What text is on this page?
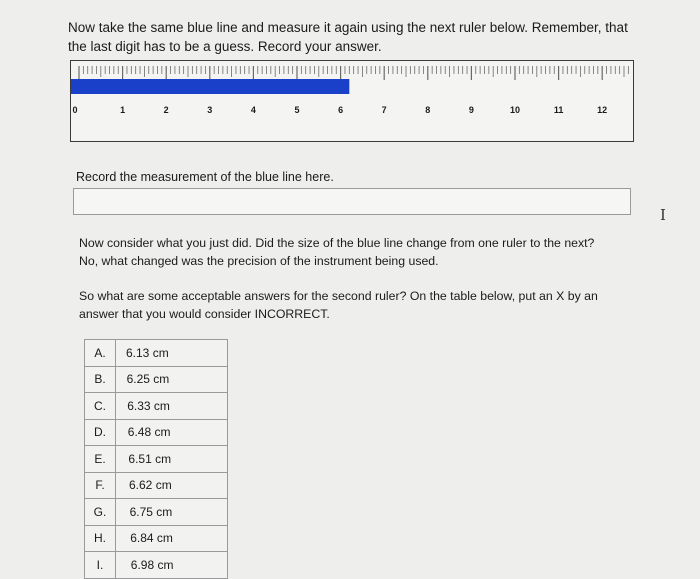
Now take the same blue line and measure it again using the next ruler below. Remember, that
the last digit has to be a guess. Record your answer.
0	1	2	3	4	5	6	7	8	9	10	11	12
Record the measurement of the blue line here.
I
Now consider what you just did. Did the size of the blue line change from one ruler to the next?
No, what changed was the precision of the instrument being used.
So what are some acceptable answers for the second ruler? On the table below, put an X by an
answer that you would consider INCORRECT.
A.	6.13 cm
B.	6.25 cm
C.	6.33 cm
D.	6.48 cm
E.	6.51 cm
F.	6.62 cm
G.	6.75 cm
H.	6.84 cm
I.	6.98 cm
